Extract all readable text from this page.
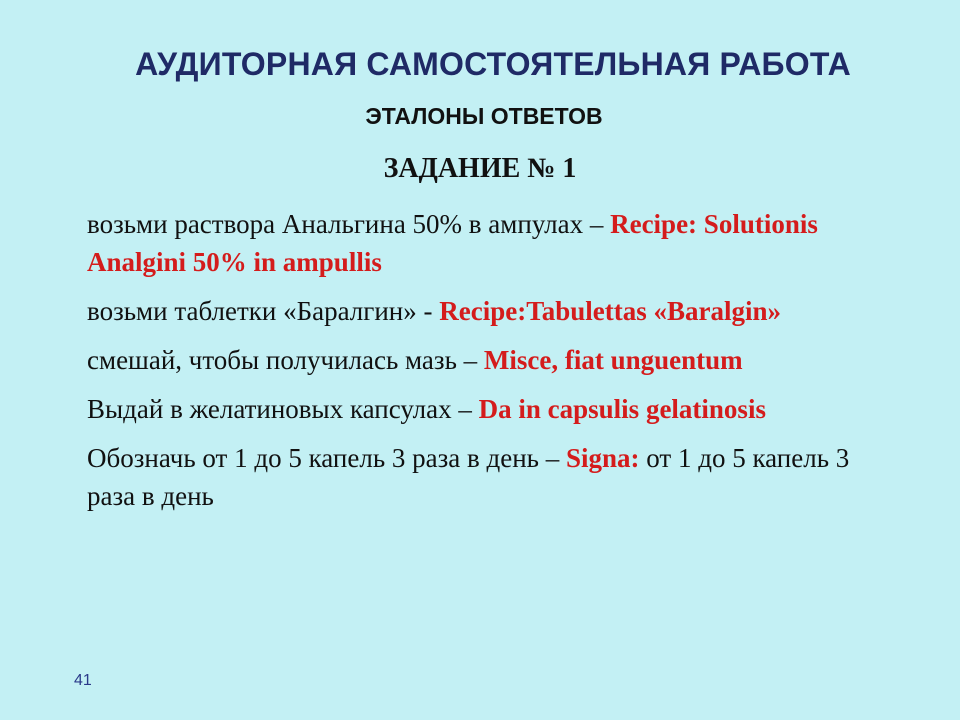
АУДИТОРНАЯ САМОСТОЯТЕЛЬНАЯ РАБОТА
ЭТАЛОНЫ ОТВЕТОВ
ЗАДАНИЕ № 1
возьми раствора Анальгина 50% в ампулах – Recipe: Solutionis Analgini 50% in ampullis
возьми таблетки «Баралгин» - Recipe:Tabulettas «Baralgin»
смешай, чтобы получилась мазь – Misce, fiat unguentum
Выдай в желатиновых капсулах – Da in capsulis gelatinosis
Обозначь от 1 до 5 капель 3 раза в день – Signa: от 1 до 5 капель 3 раза в день
41
